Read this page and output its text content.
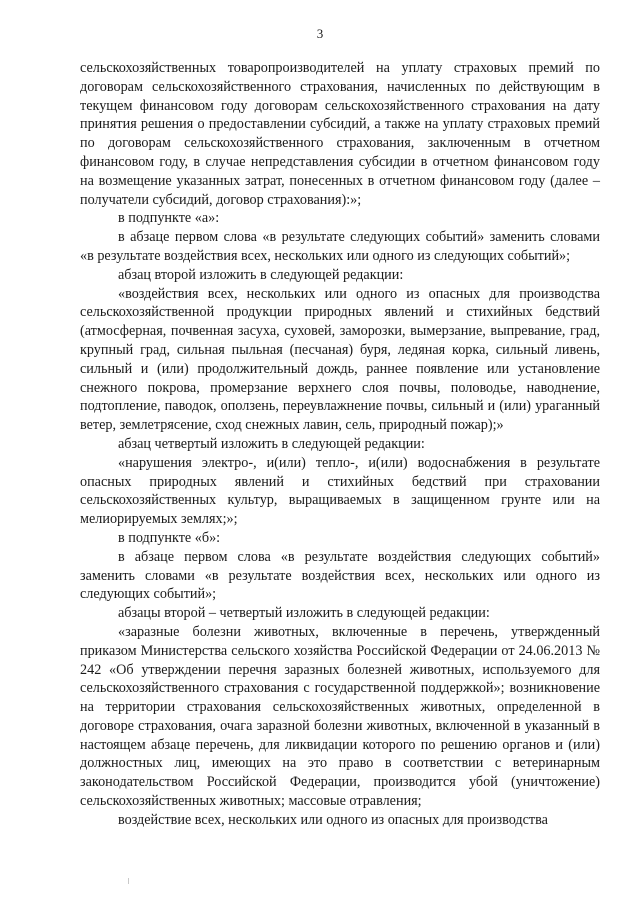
3

сельскохозяйственных товаропроизводителей на уплату страховых премий по договорам сельскохозяйственного страхования, начисленных по действующим в текущем финансовом году договорам сельскохозяйственного страхования на дату принятия решения о предоставлении субсидий, а также на уплату страховых премий по договорам сельскохозяйственного страхования, заключенным в отчетном финансовом году, в случае непредставления субсидии в отчетном финансовом году на возмещение указанных затрат, понесенных в отчетном финансовом году (далее – получатели субсидий, договор страхования):»;

в подпункте «а»:

в абзаце первом слова «в результате следующих событий» заменить словами «в результате воздействия всех, нескольких или одного из следующих событий»;

абзац второй изложить в следующей редакции:

«воздействия всех, нескольких или одного из опасных для производства сельскохозяйственной продукции природных явлений и стихийных бедствий (атмосферная, почвенная засуха, суховей, заморозки, вымерзание, выпревание, град, крупный град, сильная пыльная (песчаная) буря, ледяная корка, сильный ливень, сильный и (или) продолжительный дождь, раннее появление или установление снежного покрова, промерзание верхнего слоя почвы, половодье, наводнение, подтопление, паводок, оползень, переувлажнение почвы, сильный и (или) ураганный ветер, землетрясение, сход снежных лавин, сель, природный пожар);»

абзац четвертый изложить в следующей редакции:

«нарушения электро-, и(или) тепло-, и(или) водоснабжения в результате опасных природных явлений и стихийных бедствий при страховании сельскохозяйственных культур, выращиваемых в защищенном грунте или на мелиорируемых землях;»;

в подпункте «б»:

в абзаце первом слова «в результате воздействия следующих событий» заменить словами «в результате воздействия всех, нескольких или одного из следующих событий»;

абзацы второй – четвертый изложить в следующей редакции:

«заразные болезни животных, включенные в перечень, утвержденный приказом Министерства сельского хозяйства Российской Федерации от 24.06.2013 № 242 «Об утверждении перечня заразных болезней животных, используемого для сельскохозяйственного страхования с государственной поддержкой»; возникновение на территории страхования сельскохозяйственных животных, определенной в договоре страхования, очага заразной болезни животных, включенной в указанный в настоящем абзаце перечень, для ликвидации которого по решению органов и (или) должностных лиц, имеющих на это право в соответствии с ветеринарным законодательством Российской Федерации, производится убой (уничтожение) сельскохозяйственных животных; массовые отравления;

воздействие всех, нескольких или одного из опасных для производства
